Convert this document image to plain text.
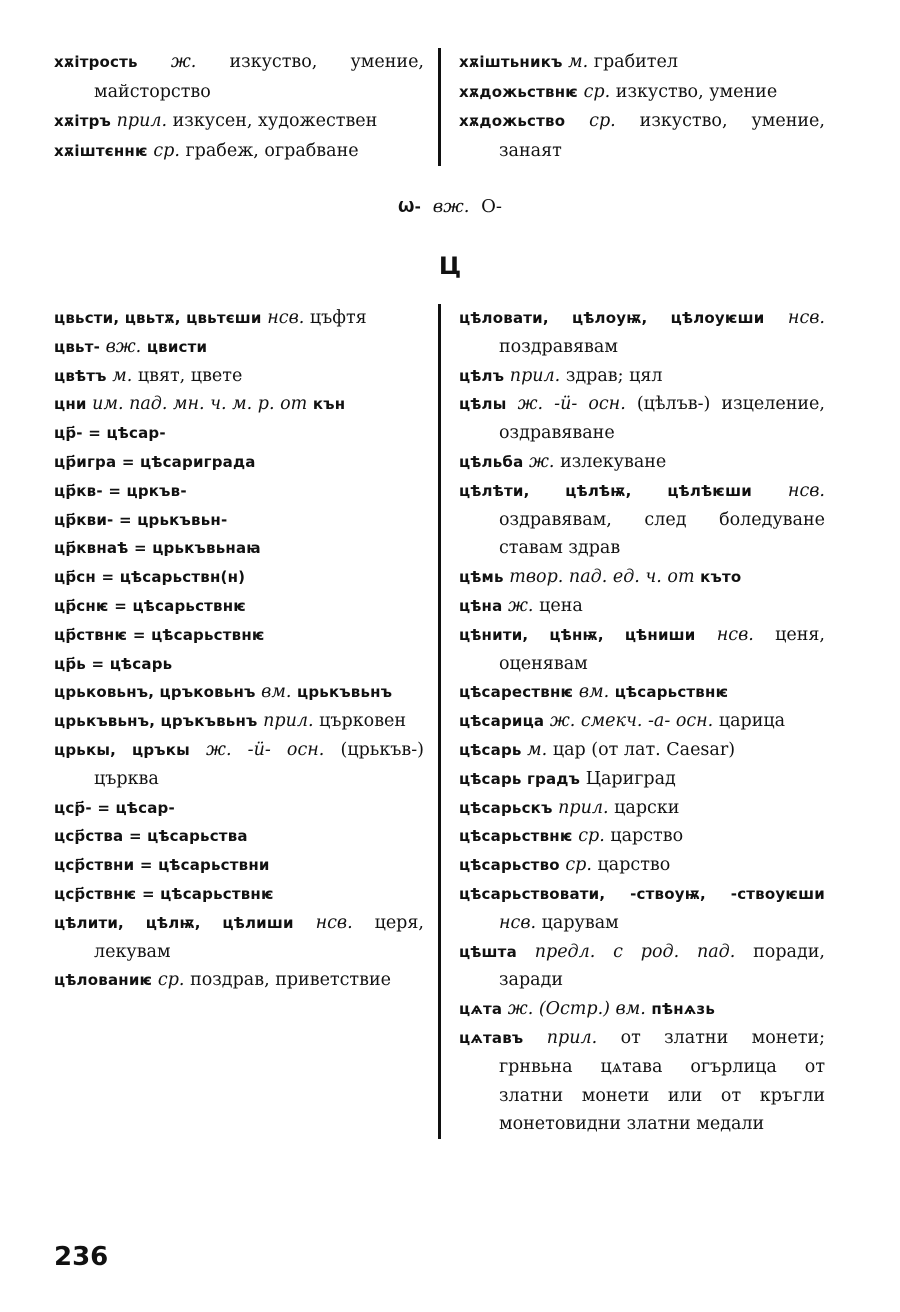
хѫітрость ж. изкуство, умение, майсторство
хѫітръ прил. изкусен, художествен
хѫіштєннѥ ср. грабеж, ограбване
хѫіштьникъ м. грабител
хѫдожьствнѥ ср. изкуство, умение
хѫдожьство ср. изкуство, умение, занаят
Ѡ- вж. О-
Ц
цвьсти, цвьтѫ, цвьтєши нсв. цъфтя
цвьт- вж. цвисти
цвѣтъ м. цвят, цвете
цни им. пад. мн. ч. м. р. от кън
цр҃- = цѣсар-
цр҃игра = цѣсариграда
цр҃кв- = цркъв-
цр҃кви- = црькъвьн-
цр҃квнаѣ = црькъвьнаꙗ
цр҃сн = цѣсарьствн(н)
цр҃снѥ = цѣсарьствнѥ
цр҃ствнѥ = цѣсарьствнѥ
цр҃ь = цѣсарь
црьковьнъ, цръковьнъ вм. црькъвьнъ
црькъвьнъ, цръкъвьнъ прил. църковен
црькы, цръкы ж. -ӥ- осн. (црькъв-) църква
цср҃- = цѣсар-
цср҃ства = цѣсарьства
цср҃ствни = цѣсарьствни
цср҃ствнѥ = цѣсарьствнѥ
цѣлити, цѣлѭ, цѣлиши нсв. церя, лекувам
цѣлованиѥ ср. поздрав, приветствие
цѣловати, цѣлоуѭ, цѣлоуѥши нсв. поздравявам
цѣлъ прил. здрав; цял
цѣлы ж. -ӥ- осн. (цѣлъв-) изцеление, оздравяване
цѣльба ж. излекуване
цѣлѣти, цѣлѣѭ, цѣлѣѥши нсв. оздравявам, след боледуване ставам здрав
цѣмь твор. пад. ед. ч. от къто
цѣна ж. цена
цѣнити, цѣнѭ, цѣниши нсв. ценя, оценявам
цѣсарествнѥ вм. цѣсарьствнѥ
цѣсарица ж. смекч. -а- осн. царица
цѣсарь м. цар (от лат. Caesar)
цѣсарь градъ Цариград
цѣсарьскъ прил. царски
цѣсарьствнѥ ср. царство
цѣсарьство ср. царство
цѣсарьствовати, -ствоуѭ, -ствоуѥши нсв. царувам
цѣшта предл. с род. пад. поради, заради
цѧта ж. (Остр.) вм. пѣнѧзь
цѧтавъ прил. от златни монети; грнвьна цѧтава огърлица от златни монети или от кръгли монетовидни златни медали
236
